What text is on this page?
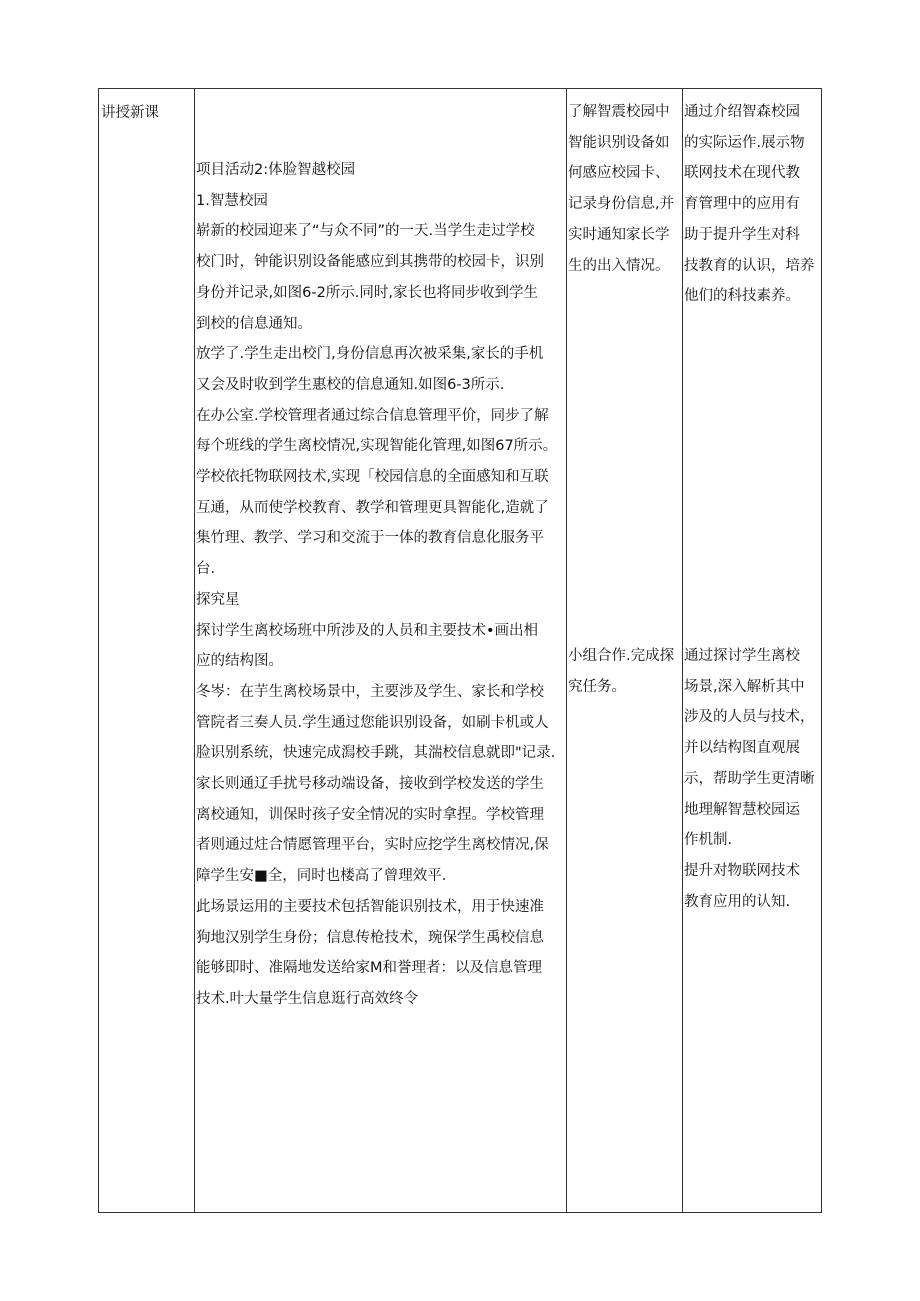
讲授新课
项目活动2:体脸智越校园
1.智慧校园
崭新的校园迎来了“与众不同”的一天.当学生走过学校
校门时，钟能识别设备能感应到其携带的校园卡，识别
身份并记录,如图6-2所示.同时,家长也将同步收到学生
到校的信息通知。
放学了.学生走出校门,身份信息再次被采集,家长的手机
又会及时收到学生惠校的信息通知.如图6-3所示.
在办公室.学校管理者通过综合信息管理平价，同步了解
每个班线的学生离校情况,实现智能化管理,如图67所示。
学校依托物联网技术,实现「校园信息的全面感知和互联
互通，从而使学校教育、教学和管理更具智能化,造就了
集竹理、教学、学习和交流于一体的教育信息化服务平
台.
探究星
探讨学生离校场班中所涉及的人员和主要技术•画出相
应的结构图。
冬岑：在芋生离校场景中，主要涉及学生、家长和学校
管院者三奏人员.学生通过您能识别设备，如刷卡机或人
脸识别系统，快速完成澙校手跳，其湍校信息就即"记录.
家长则通辽手扰号移动端设备，接收到学校发送的学生
离校通知，训保时孩子安全情况的实时拿捏。学校管理
者则通过炷合情愿管理平台，实时应挖学生离校情况,保
障学生安■全，同时也楼高了曾理效平.
此场景运用的主要技术包括智能识别技术，用于快速准
狗地汉别学生身份；信息传枪技术，琬保学生禹校信息
能够即时、准隔地发送给家M和誉理者：以及信息管理
技术.叶大量学生信息逛行高效终令
了解智震校园中
智能识别设备如
何感应校园卡、
记录身份信息,并
实时通知家长学
生的出入情况。
小组合作.完成探
究任务。
通过介绍智森校园
的实际运作.展示物
联网技术在现代教
育管理中的应用有
助于提升学生对科
技教育的认识，培养
他们的科技素养。
通过探讨学生离校
场景,深入解析其中
涉及的人员与技术，
并以结构图直观展
示，帮助学生更清晰
地理解智慧校园运
作机制.
提升对物联网技术
教育应用的认知.
